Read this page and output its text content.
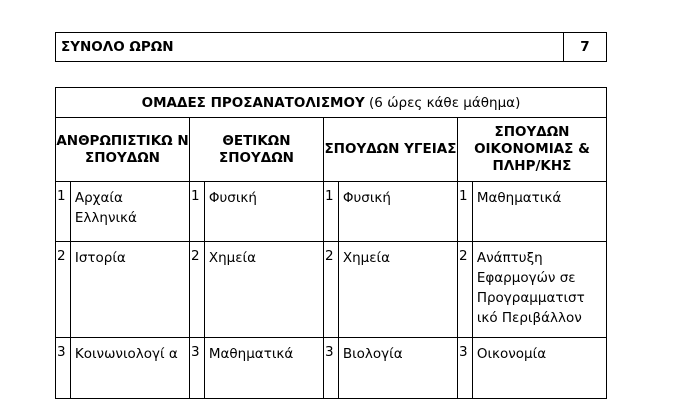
ΣΥΝΟΛΟ ΩΡΩΝ	7
ΟΜΑΔΕΣ ΠΡΟΣΑΝΑΤΟΛΙΣΜΟΥ (6 ώρες κάθε μάθημα)							
ΑΝΘΡΩΠΙΣΤΙΚΩ Ν ΣΠΟΥΔΩΝ		ΘΕΤΙΚΩΝ ΣΠΟΥΔΩΝ		ΣΠΟΥΔΩΝ ΥΓΕΙΑΣ		ΣΠΟΥΔΩΝ ΟΙΚΟΝΟΜΙΑΣ & ΠΛΗΡ/ΚΗΣ	
1	Αρχαία Ελληνικά	1	Φυσική	1	Φυσική	1	Μαθηματικά
2	Ιστορία	2	Χημεία	2	Χημεία	2	Ανάπτυξη Εφαρμογών σε Προγραμματιστ ικό Περιβάλλον
3	Κοινωνιολογί α	3	Μαθηματικά	3	Βιολογία	3	Οικονομία
